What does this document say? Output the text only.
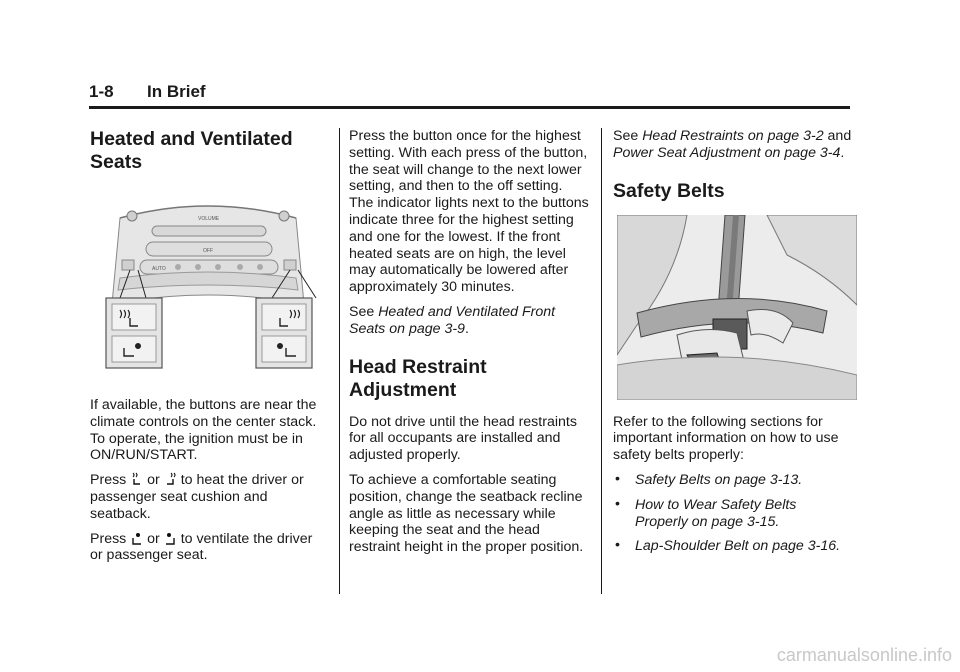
1-8 In Brief
Heated and Ventilated Seats
VOLUME
OFF
AUTO

If available, the buttons are near the climate controls on the center stack. To operate, the ignition must be in ON/RUN/START.

Press  or  to heat the driver or passenger seat cushion and seatback.

Press  or  to ventilate the driver or passenger seat.

Press the button once for the highest setting. With each press of the button, the seat will change to the next lower setting, and then to the off setting. The indicator lights next to the buttons indicate three for the highest setting and one for the lowest. If the front heated seats are on high, the level may automatically be lowered after approximately 30 minutes.

See Heated and Ventilated Front Seats on page 3-9.

Head Restraint Adjustment

Do not drive until the head restraints for all occupants are installed and adjusted properly.

To achieve a comfortable seating position, change the seatback recline angle as little as necessary while keeping the seat and the head restraint height in the proper position.

See Head Restraints on page 3-2 and Power Seat Adjustment on page 3-4.

Safety Belts

Refer to the following sections for important information on how to use safety belts properly:

• Safety Belts on page 3-13.
• How to Wear Safety Belts Properly on page 3-15.
• Lap-Shoulder Belt on page 3-16.
carmanualsonline.info
